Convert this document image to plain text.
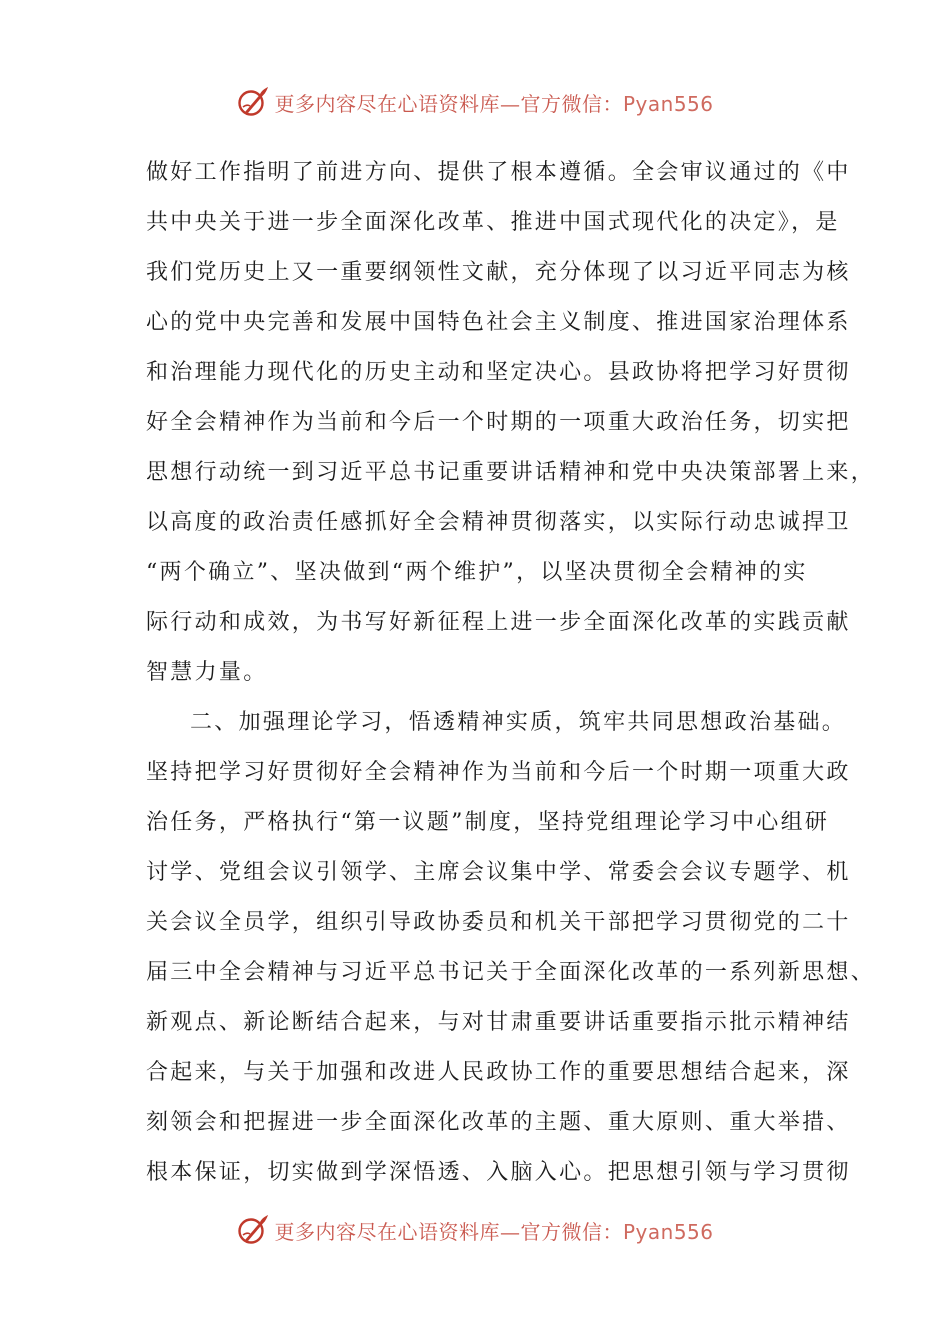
更多内容尽在心语资料库—官方微信：Pyan556
做好工作指明了前进方向、提供了根本遵循。全会审议通过的《中
共中央关于进一步全面深化改革、推进中国式现代化的决定》，是
我们党历史上又一重要纲领性文献，充分体现了以习近平同志为核
心的党中央完善和发展中国特色社会主义制度、推进国家治理体系
和治理能力现代化的历史主动和坚定决心。县政协将把学习好贯彻
好全会精神作为当前和今后一个时期的一项重大政治任务，切实把
思想行动统一到习近平总书记重要讲话精神和党中央决策部署上来，
以高度的政治责任感抓好全会精神贯彻落实，以实际行动忠诚捍卫
“两个确立”、坚决做到“两个维护”，以坚决贯彻全会精神的实
际行动和成效，为书写好新征程上进一步全面深化改革的实践贡献
智慧力量。
二、加强理论学习，悟透精神实质，筑牢共同思想政治基础。
坚持把学习好贯彻好全会精神作为当前和今后一个时期一项重大政
治任务，严格执行“第一议题”制度，坚持党组理论学习中心组研
讨学、党组会议引领学、主席会议集中学、常委会会议专题学、机
关会议全员学，组织引导政协委员和机关干部把学习贯彻党的二十
届三中全会精神与习近平总书记关于全面深化改革的一系列新思想、
新观点、新论断结合起来，与对甘肃重要讲话重要指示批示精神结
合起来，与关于加强和改进人民政协工作的重要思想结合起来，深
刻领会和把握进一步全面深化改革的主题、重大原则、重大举措、
根本保证，切实做到学深悟透、入脑入心。把思想引领与学习贯彻
更多内容尽在心语资料库—官方微信：Pyan556
